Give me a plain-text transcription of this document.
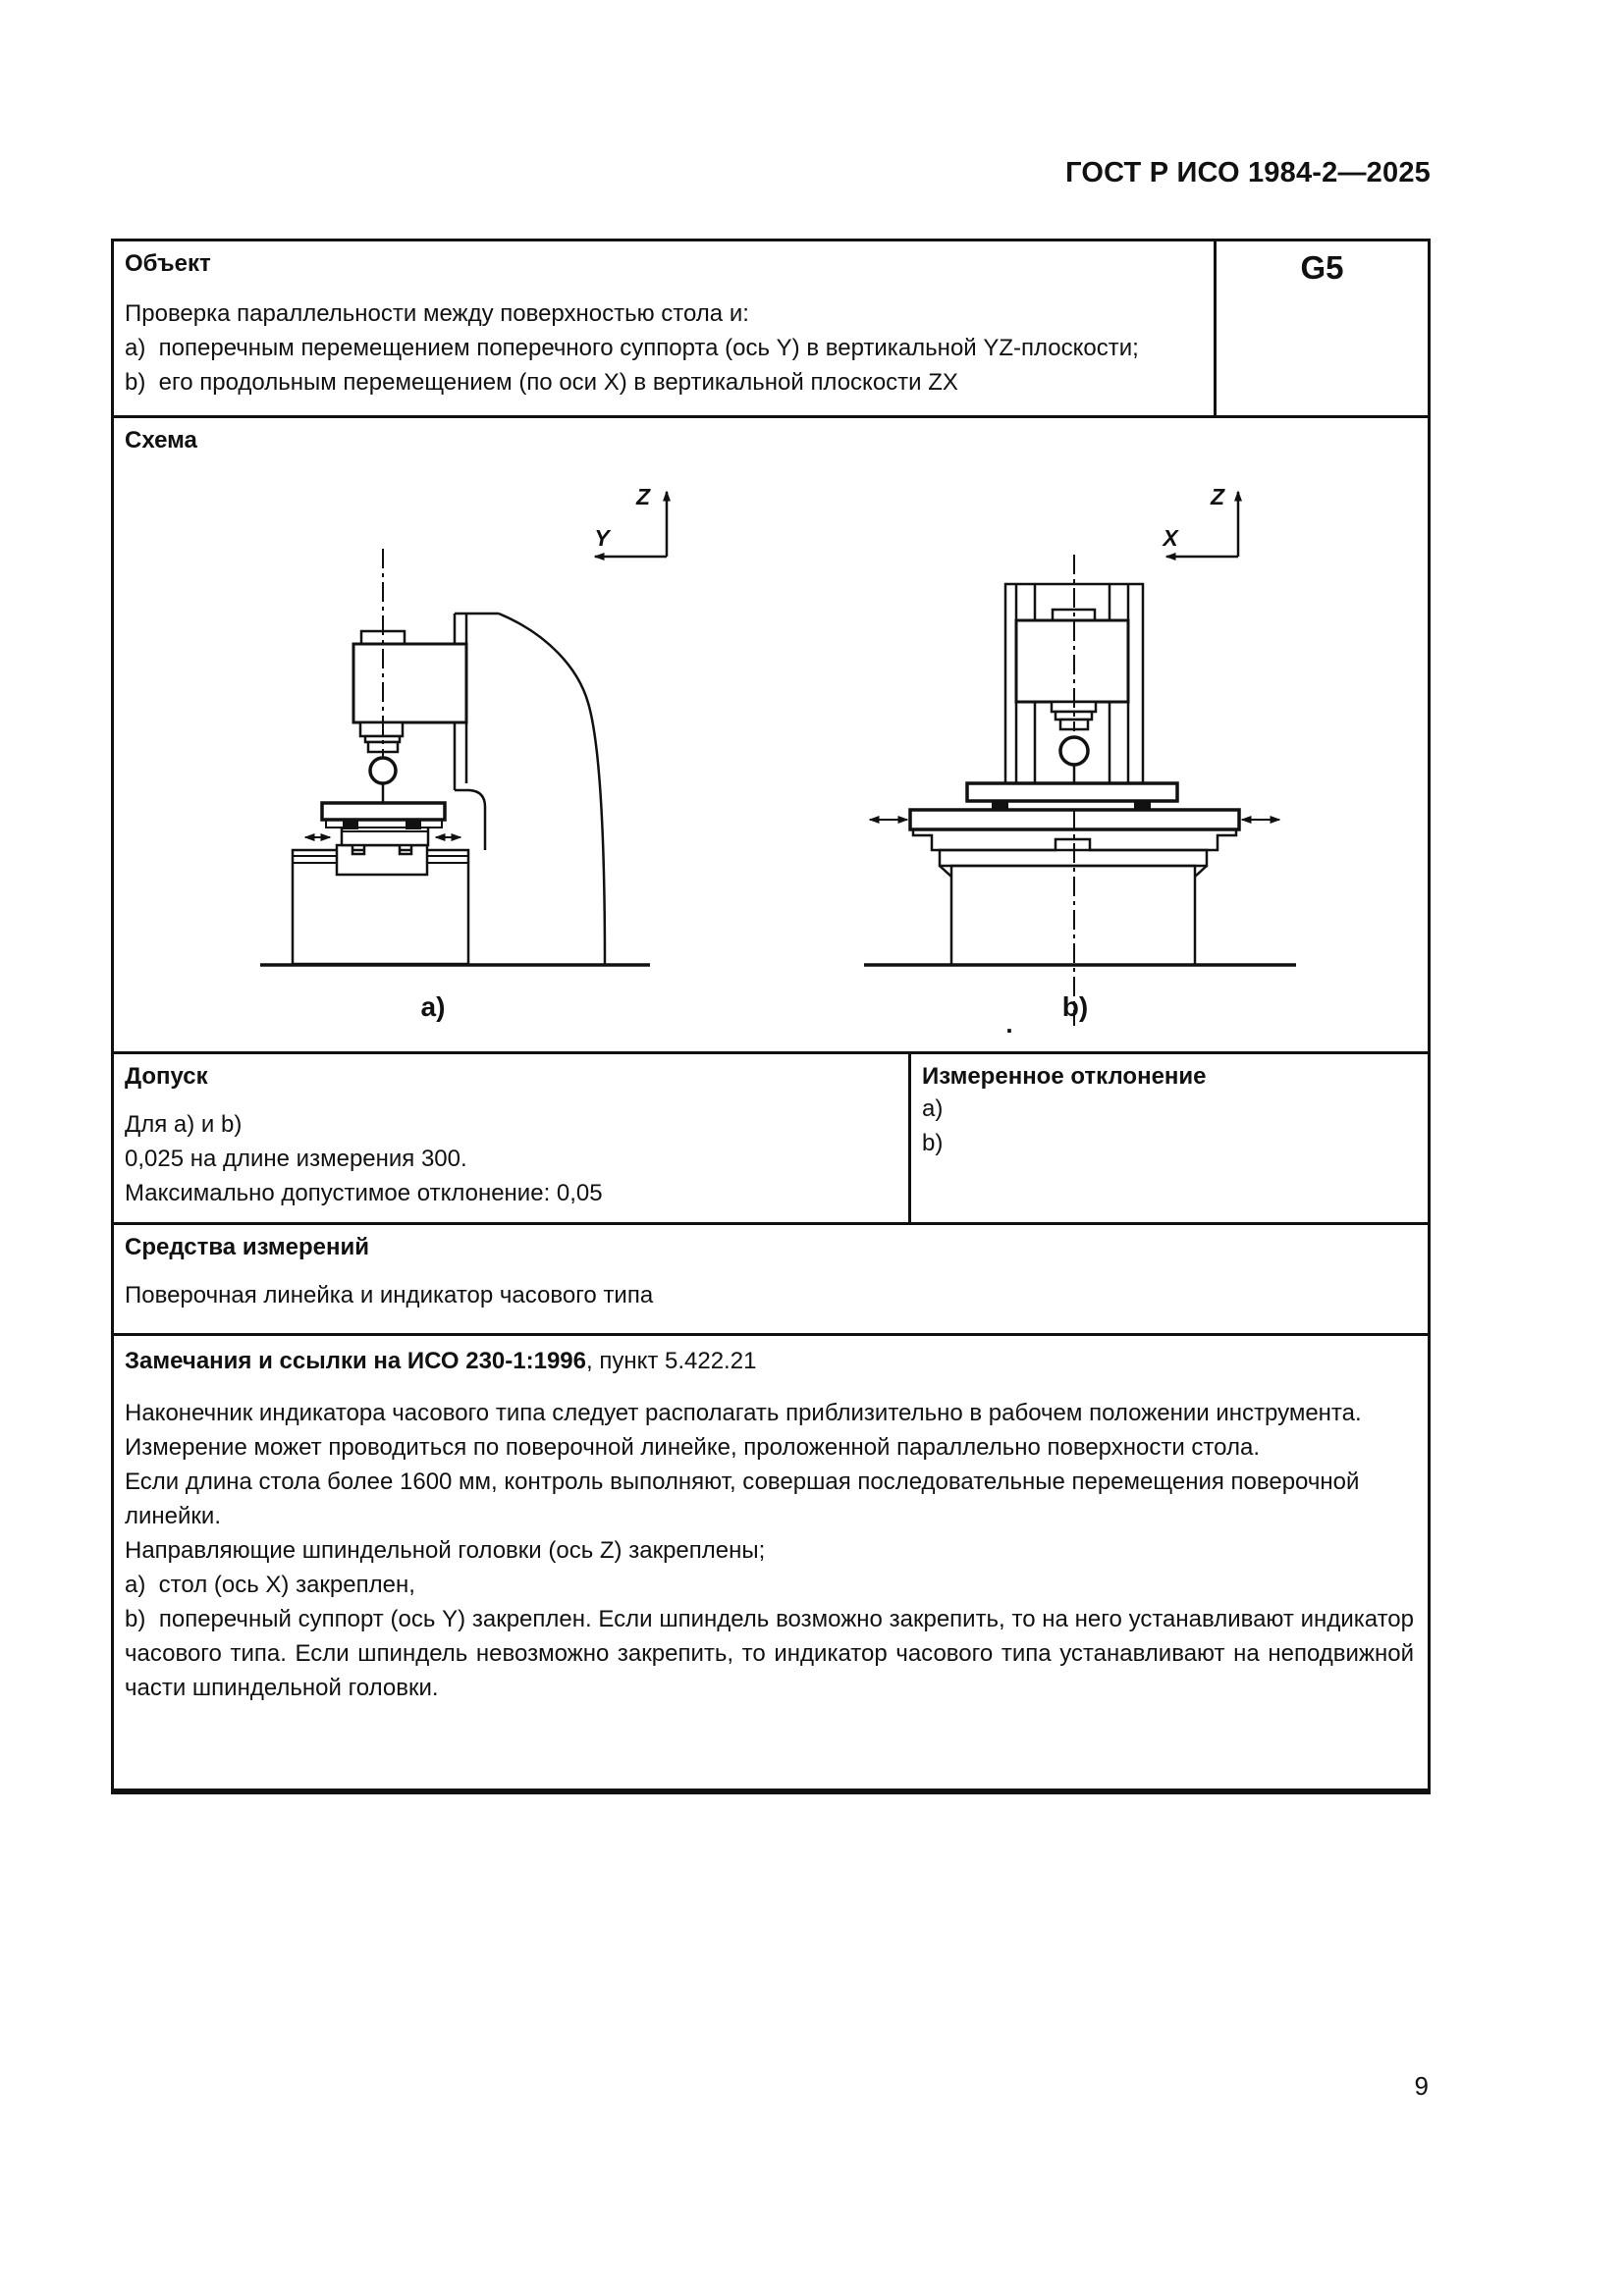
ГОСТ Р ИСО 1984-2—2025
Объект
Проверка параллельности между поверхностью стола и:
a)  поперечным перемещением поперечного суппорта (ось Y) в вертикальной YZ-плоскости;
b)  его продольным перемещением (по оси X) в вертикальной плоскости ZX
G5
Схема
Z
Y
a)
Z
X
b)
.
Допуск
Для a) и b)
0,025 на длине измерения 300.
Максимально допустимое отклонение: 0,05
Измеренное отклонение
a)
b)
Средства измерений
Поверочная линейка и индикатор часового типа
Замечания и ссылки на ИСО 230-1:1996, пункт 5.422.21
Наконечник индикатора часового типа следует располагать приблизительно в рабочем положении инструмента.
Измерение может проводиться по поверочной линейке, проложенной параллельно поверхности стола.
Если длина стола более 1600 мм, контроль выполняют, совершая последовательные перемещения поверочной линейки.
Направляющие шпиндельной головки (ось Z) закреплены;
a)  стол (ось X) закреплен,
b)  поперечный суппорт (ось Y) закреплен. Если шпиндель возможно закрепить, то на него устанавливают индикатор часового типа. Если шпиндель невозможно закрепить, то индикатор часового типа устанавливают на неподвижной части шпиндельной головки.
9
